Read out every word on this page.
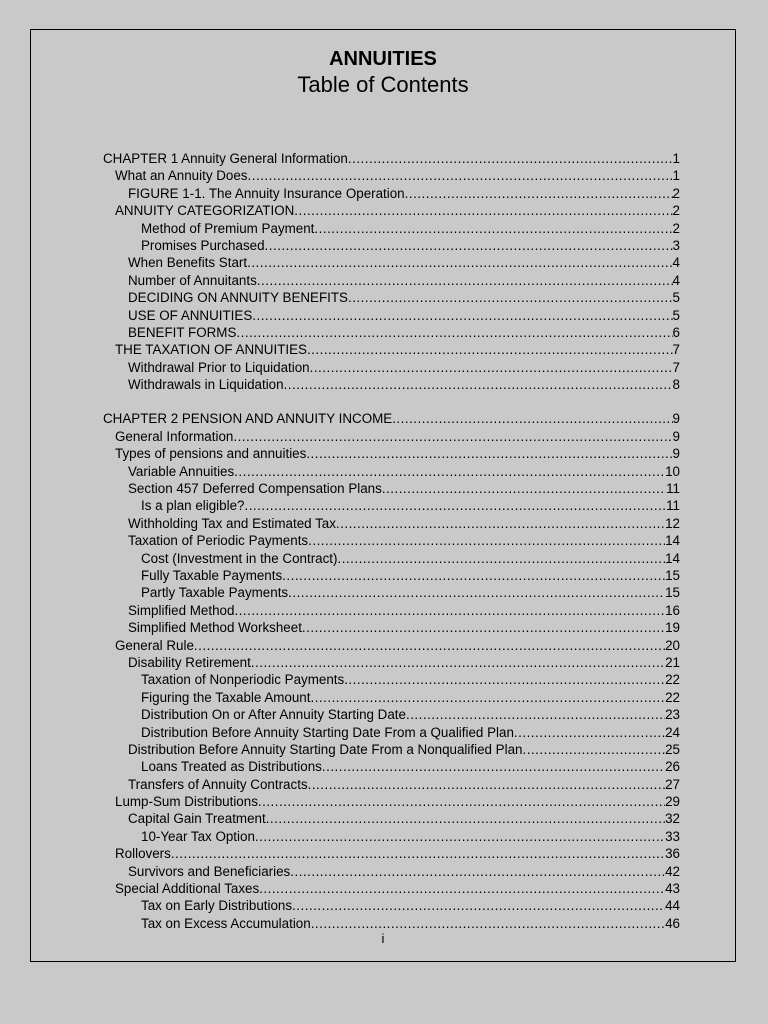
ANNUITIES
Table of Contents
CHAPTER 1 Annuity General Information .....	1
What an Annuity Does .....	1
FIGURE 1-1. The Annuity Insurance Operation .....	2
ANNUITY CATEGORIZATION .....	2
Method of Premium Payment .....	2
Promises Purchased .....	3
When Benefits Start .....	4
Number of Annuitants .....	4
DECIDING ON ANNUITY BENEFITS .....	5
USE OF ANNUITIES .....	5
BENEFIT FORMS .....	6
THE TAXATION OF ANNUITIES .....	7
Withdrawal Prior to Liquidation .....	7
Withdrawals in Liquidation .....	8
CHAPTER 2 PENSION AND ANNUITY INCOME .....	9
General Information .....	9
Types of pensions and annuities .....	9
Variable Annuities .....	10
Section 457 Deferred Compensation Plans .....	11
Is a plan eligible? .....	11
Withholding Tax and Estimated Tax .....	12
Taxation of Periodic Payments .....	14
Cost (Investment in the Contract) .....	14
Fully Taxable Payments .....	15
Partly Taxable Payments .....	15
Simplified Method .....	16
Simplified Method Worksheet .....	19
General Rule .....	20
Disability Retirement .....	21
Taxation of Nonperiodic Payments .....	22
Figuring the Taxable Amount .....	22
Distribution On or After Annuity Starting Date .....	23
Distribution Before Annuity Starting Date From a Qualified Plan .....	24
Distribution Before Annuity Starting Date From a Nonqualified Plan .....	25
Loans Treated as Distributions .....	26
Transfers of Annuity Contracts .....	27
Lump-Sum Distributions .....	29
Capital Gain Treatment .....	32
10-Year Tax Option .....	33
Rollovers .....	36
Survivors and Beneficiaries .....	42
Special Additional Taxes .....	43
Tax on Early Distributions .....	44
Tax on Excess Accumulation .....	46
i
